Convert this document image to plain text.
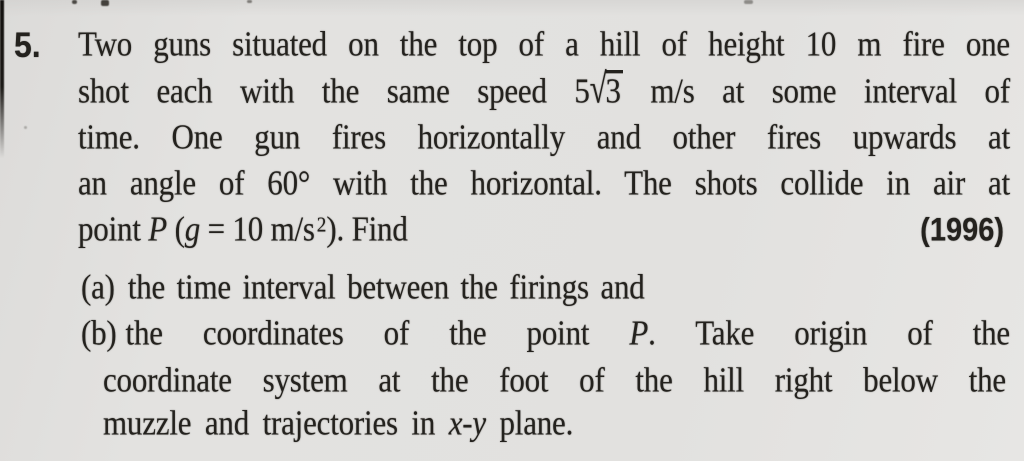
5. Two guns situated on the top of a hill of height 10 m fire one
shot each with the same speed 5√3 m/s at some interval of
time. One gun fires horizontally and other fires upwards at
an angle of 60° with the horizontal. The shots collide in air at
point P (g = 10 m/s $^2$). Find	(1996)
(a) the time interval between the firings and
(b) the coordinates of the point P. Take origin of the
coordinate system at the foot of the hill right below the
muzzle and trajectories in x-y plane.
